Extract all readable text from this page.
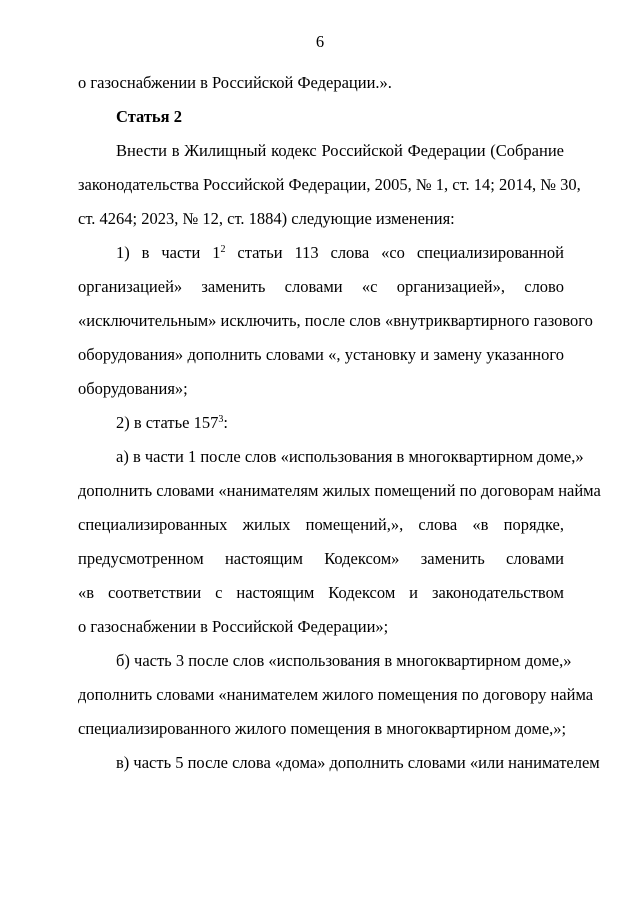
6
о газоснабжении в Российской Федерации.».
Статья 2
Внести в Жилищный кодекс Российской Федерации (Собрание
законодательства Российской Федерации, 2005, № 1, ст. 14; 2014, № 30,
ст. 4264; 2023, № 12, ст. 1884) следующие изменения:
1) в части $1^2$ статьи 113 слова «со специализированной
организацией» заменить словами «с организацией», слово
«исключительным» исключить, после слов «внутриквартирного газового
оборудования» дополнить словами «, установку и замену указанного
оборудования»;
2) в статье $157^3$:
а) в части 1 после слов «использования в многоквартирном доме,»
дополнить словами «нанимателям жилых помещений по договорам найма
специализированных жилых помещений,», слова «в порядке,
предусмотренном настоящим Кодексом» заменить словами
«в соответствии с настоящим Кодексом и законодательством
о газоснабжении в Российской Федерации»;
б) часть 3 после слов «использования в многоквартирном доме,»
дополнить словами «нанимателем жилого помещения по договору найма
специализированного жилого помещения в многоквартирном доме,»;
в) часть 5 после слова «дома» дополнить словами «или нанимателем
